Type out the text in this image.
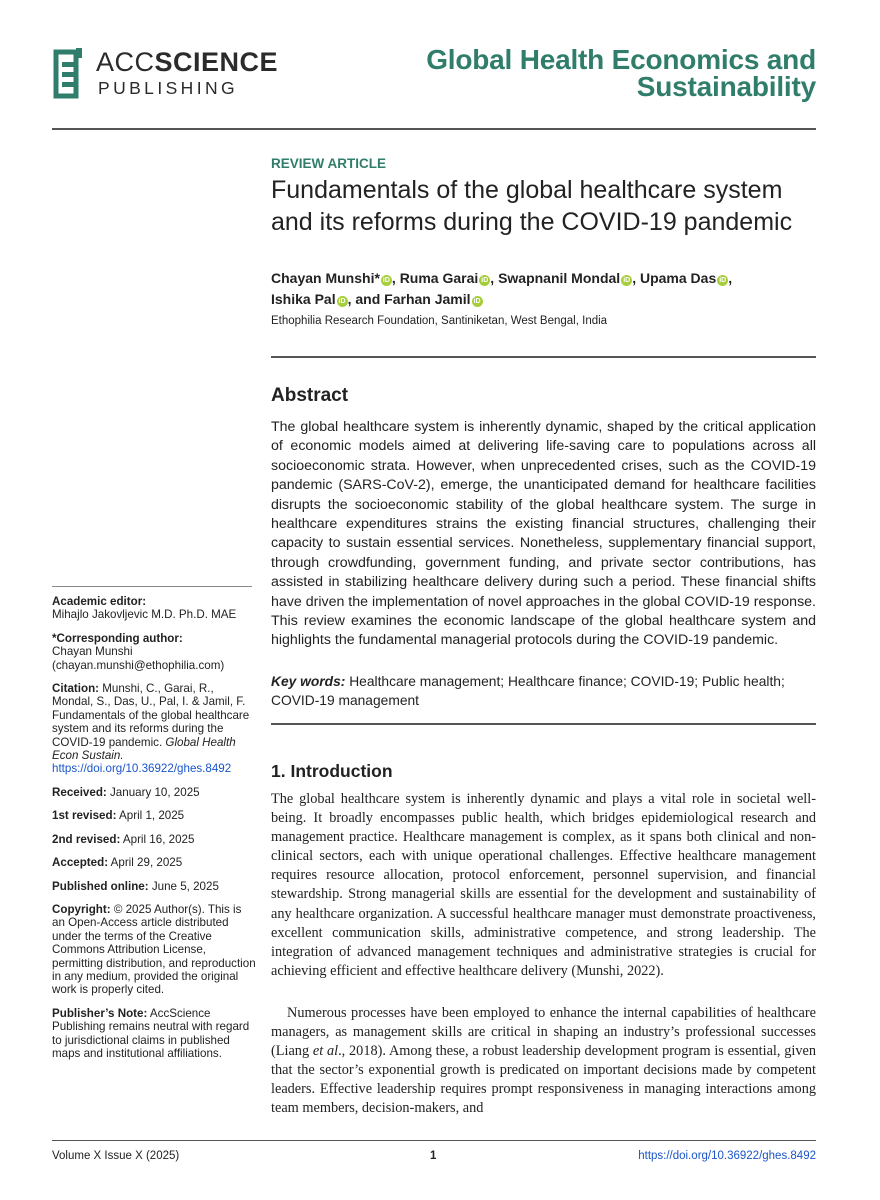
ACCSCIENCE
PUBLISHING
Global Health Economics and
Sustainability
REVIEW ARTICLE
Fundamentals of the global healthcare system
and its reforms during the COVID-19 pandemic
Chayan Munshi* iD , Ruma Garai iD , Swapnanil Mondal iD , Upama Das iD ,
Ishika Pal iD , and Farhan Jamil iD
Ethophilia Research Foundation, Santiniketan, West Bengal, India
Abstract
The global healthcare system is inherently dynamic, shaped by the critical application of economic models aimed at delivering life-saving care to populations across all socioeconomic strata. However, when unprecedented crises, such as the COVID-19 pandemic (SARS-CoV-2), emerge, the unanticipated demand for healthcare facilities disrupts the socioeconomic stability of the global healthcare system. The surge in healthcare expenditures strains the existing financial structures, challenging their capacity to sustain essential services. Nonetheless, supplementary financial support, through crowdfunding, government funding, and private sector contributions, has assisted in stabilizing healthcare delivery during such a period. These financial shifts have driven the implementation of novel approaches in the global COVID-19 response. This review examines the economic landscape of the global healthcare system and highlights the fundamental managerial protocols during the COVID-19 pandemic.
Key words: Healthcare management; Healthcare finance; COVID-19; Public health; COVID-19 management
1. Introduction

The global healthcare system is inherently dynamic and plays a vital role in societal well-being. It broadly encompasses public health, which bridges epidemiological research and management practice. Healthcare management is complex, as it spans both clinical and non-clinical sectors, each with unique operational challenges. Effective healthcare management requires resource allocation, protocol enforcement, personnel supervision, and financial stewardship. Strong managerial skills are essential for the development and sustainability of any healthcare organization. A successful healthcare manager must demonstrate proactiveness, excellent communication skills, administrative competence, and strong leadership. The integration of advanced management techniques and administrative strategies is crucial for achieving efficient and effective healthcare delivery (Munshi, 2022).

Numerous processes have been employed to enhance the internal capabilities of healthcare managers, as management skills are critical in shaping an industry’s professional successes (Liang et al., 2018). Among these, a robust leadership development program is essential, given that the sector’s exponential growth is predicated on important decisions made by competent leaders. Effective leadership requires prompt responsiveness in managing interactions among team members, decision-makers, and

Academic editor:
Mihajlo Jakovljevic M.D. Ph.D. MAE
*Corresponding author:
Chayan Munshi
(chayan.munshi@ethophilia.com)
Citation: Munshi, C., Garai, R., Mondal, S., Das, U., Pal, I. & Jamil, F. Fundamentals of the global healthcare system and its reforms during the COVID-19 pandemic. Global Health Econ Sustain.
https://doi.org/10.36922/ghes.8492
Received: January 10, 2025
1st revised: April 1, 2025
2nd revised: April 16, 2025
Accepted: April 29, 2025
Published online: June 5, 2025
Copyright: © 2025 Author(s). This is an Open-Access article distributed under the terms of the Creative Commons Attribution License, permitting distribution, and reproduction in any medium, provided the original work is properly cited.
Publisher’s Note: AccScience Publishing remains neutral with regard to jurisdictional claims in published maps and institutional affiliations.
Volume X Issue X (2025)	1	https://doi.org/10.36922/ghes.8492
